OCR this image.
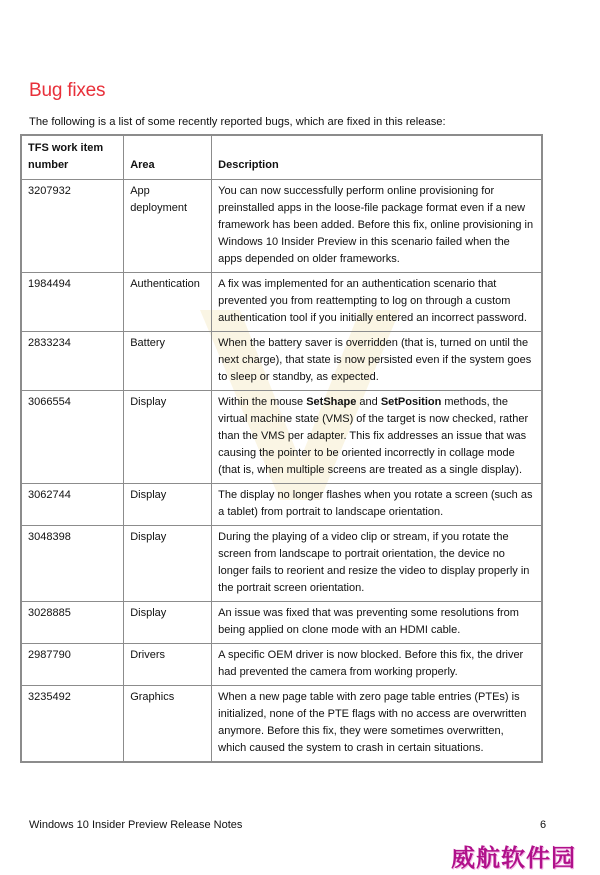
Bug fixes

The following is a list of some recently reported bugs, which are fixed in this release:

TFS work item number	Area	Description
3207932	App deployment	You can now successfully perform online provisioning for preinstalled apps in the loose-file package format even if a new framework has been added. Before this fix, online provisioning in Windows 10 Insider Preview in this scenario failed when the apps depended on older frameworks.
1984494	Authentication	A fix was implemented for an authentication scenario that prevented you from reattempting to log on through a custom authentication tool if you initially entered an incorrect password.
2833234	Battery	When the battery saver is overridden (that is, turned on until the next charge), that state is now persisted even if the system goes to sleep or standby, as expected.
3066554	Display	Within the mouse SetShape and SetPosition methods, the virtual machine state (VMS) of the target is now checked, rather than the VMS per adapter. This fix addresses an issue that was causing the pointer to be oriented incorrectly in collage mode (that is, when multiple screens are treated as a single display).
3062744	Display	The display no longer flashes when you rotate a screen (such as a tablet) from portrait to landscape orientation.
3048398	Display	During the playing of a video clip or stream, if you rotate the screen from landscape to portrait orientation, the device no longer fails to reorient and resize the video to display properly in the portrait screen orientation.
3028885	Display	An issue was fixed that was preventing some resolutions from being applied on clone mode with an HDMI cable.
2987790	Drivers	A specific OEM driver is now blocked. Before this fix, the driver had prevented the camera from working properly.
3235492	Graphics	When a new page table with zero page table entries (PTEs) is initialized, none of the PTE flags with no access are overwritten anymore. Before this fix, they were sometimes overwritten, which caused the system to crash in certain situations.

Windows 10 Insider Preview Release Notes	6

威航软件园
